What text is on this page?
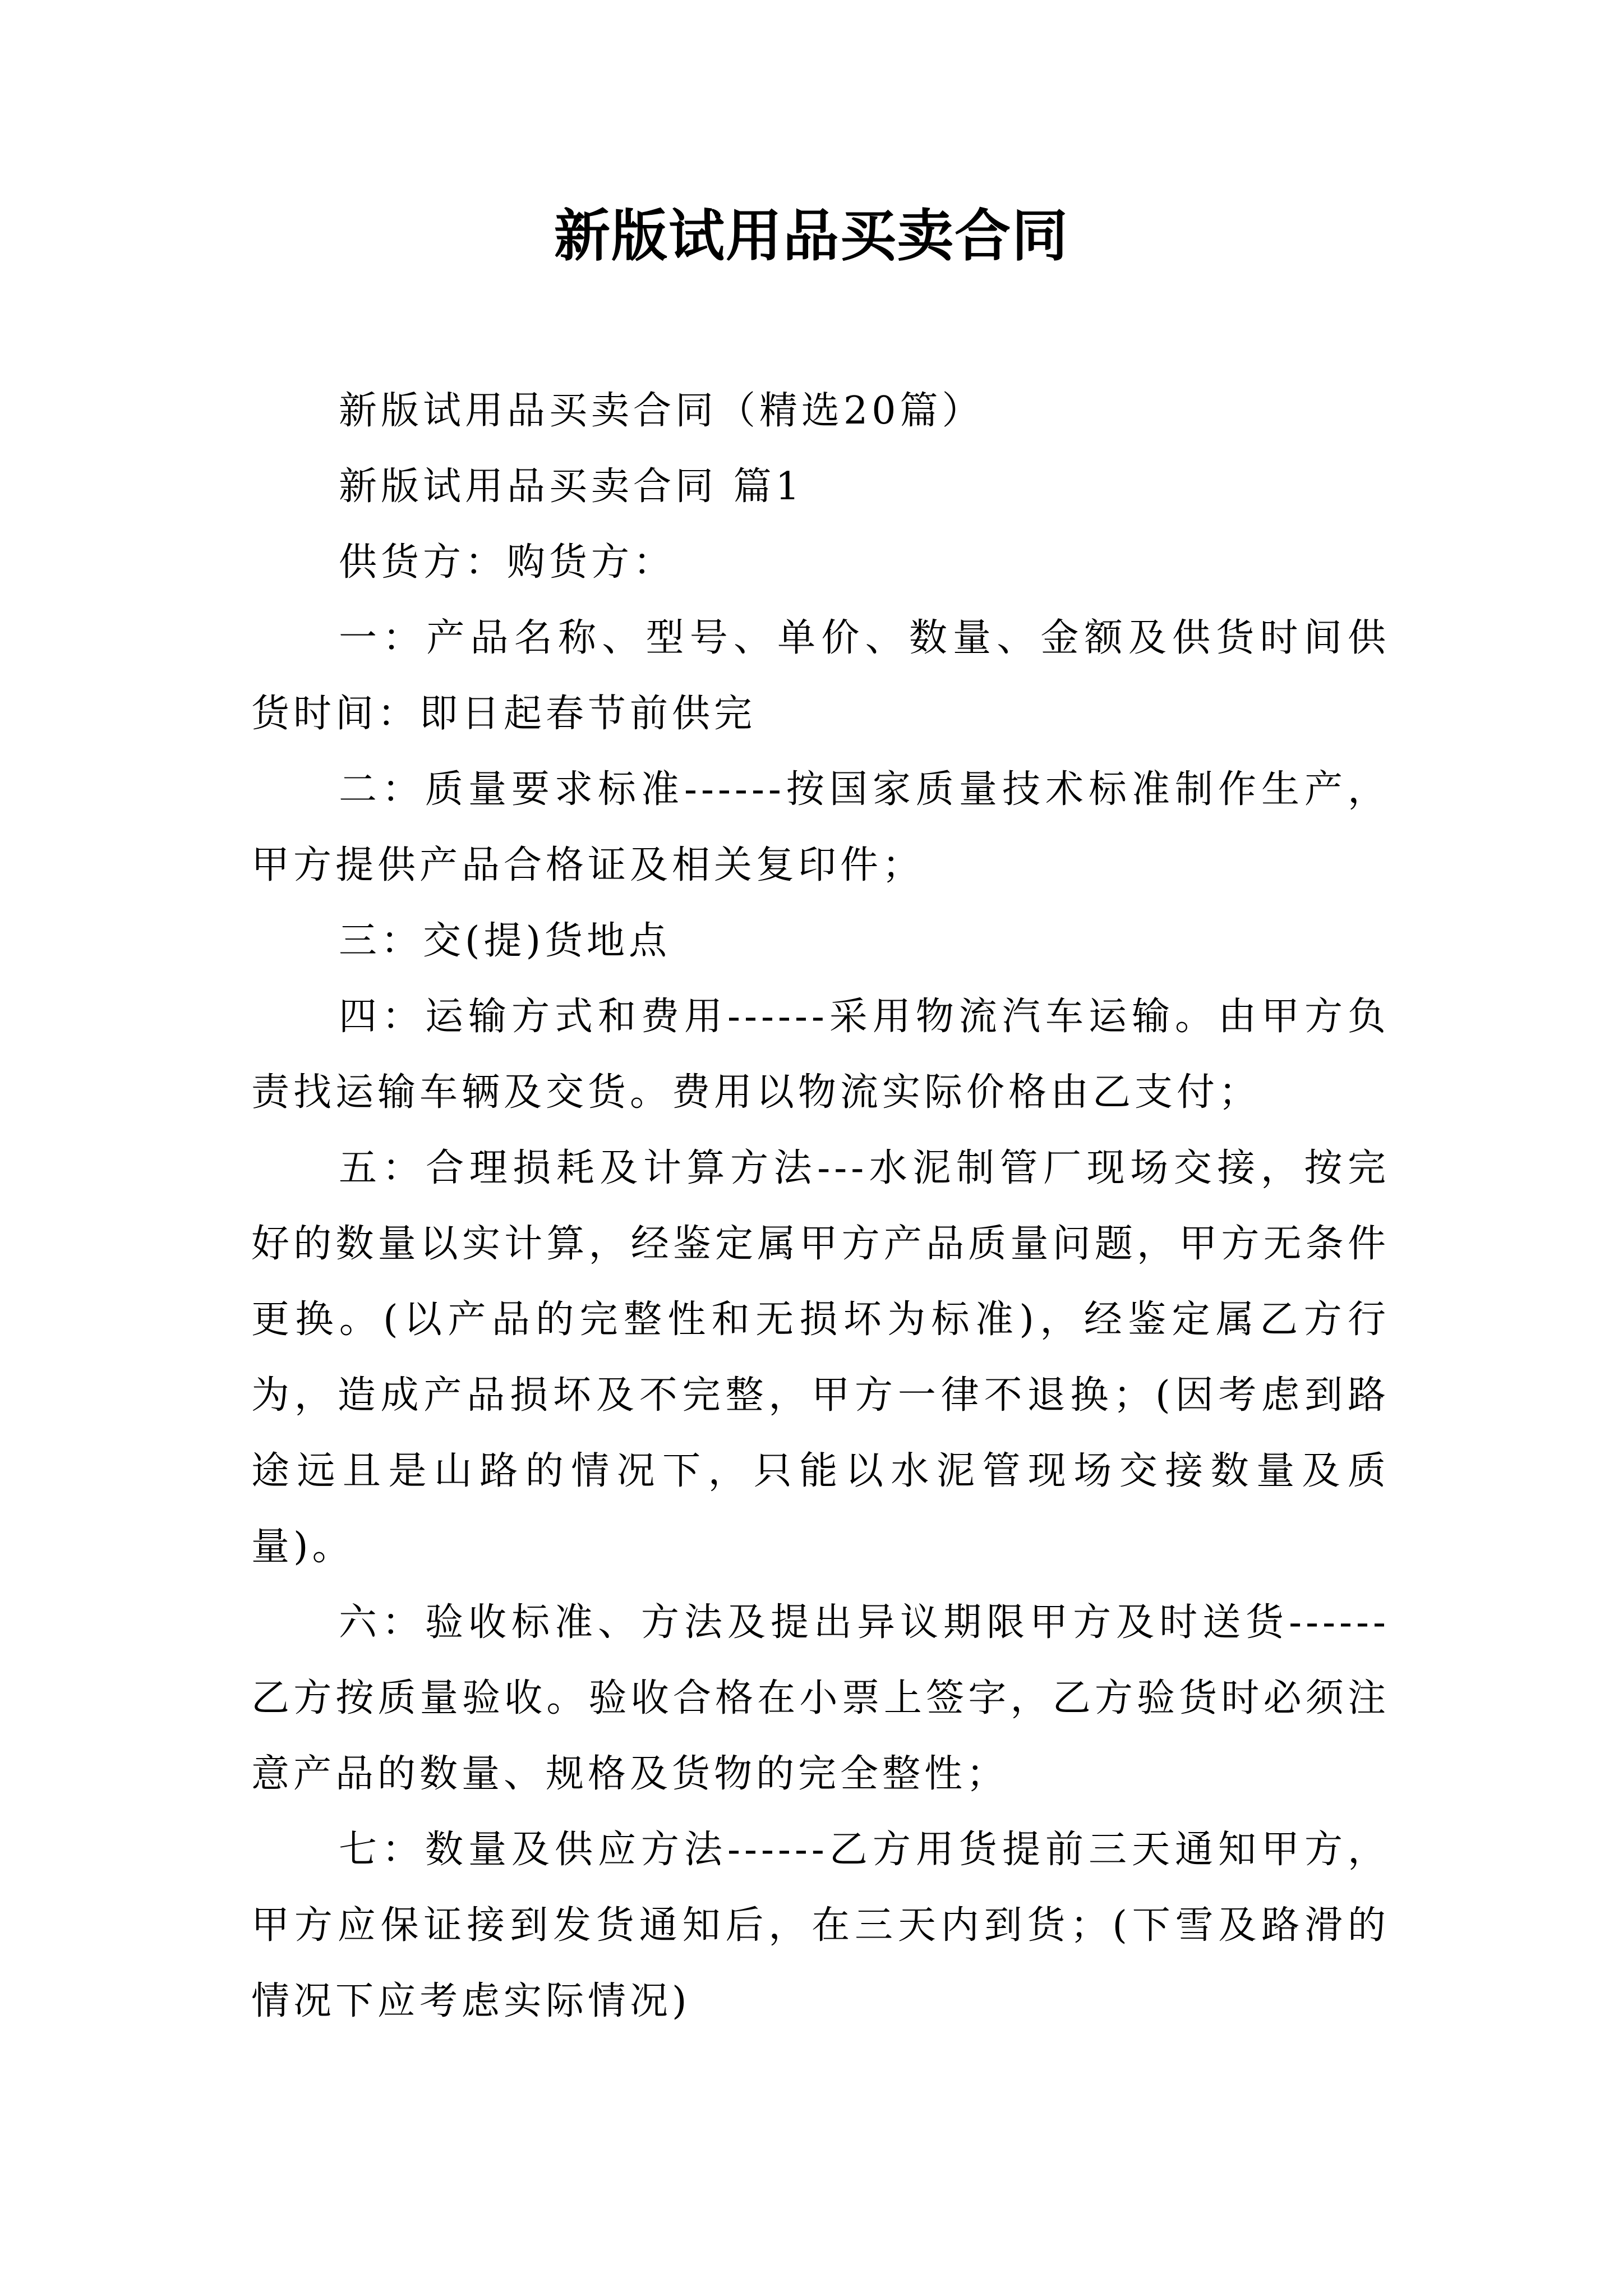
新版试用品买卖合同

新版试用品买卖合同（精选20篇）

新版试用品买卖合同 篇1

供货方：购货方：

一：产品名称、型号、单价、数量、金额及供货时间供货时间：即日起春节前供完

二：质量要求标准------按国家质量技术标准制作生产，甲方提供产品合格证及相关复印件；

三：交(提)货地点

四：运输方式和费用------采用物流汽车运输。由甲方负责找运输车辆及交货。费用以物流实际价格由乙支付；

五：合理损耗及计算方法---水泥制管厂现场交接，按完好的数量以实计算，经鉴定属甲方产品质量问题，甲方无条件更换。(以产品的完整性和无损坏为标准)，经鉴定属乙方行为，造成产品损坏及不完整，甲方一律不退换；(因考虑到路途远且是山路的情况下，只能以水泥管现场交接数量及质量)。

六：验收标准、方法及提出异议期限甲方及时送货------乙方按质量验收。验收合格在小票上签字，乙方验货时必须注意产品的数量、规格及货物的完全整性；

七：数量及供应方法------乙方用货提前三天通知甲方，甲方应保证接到发货通知后，在三天内到货；(下雪及路滑的情况下应考虑实际情况)
